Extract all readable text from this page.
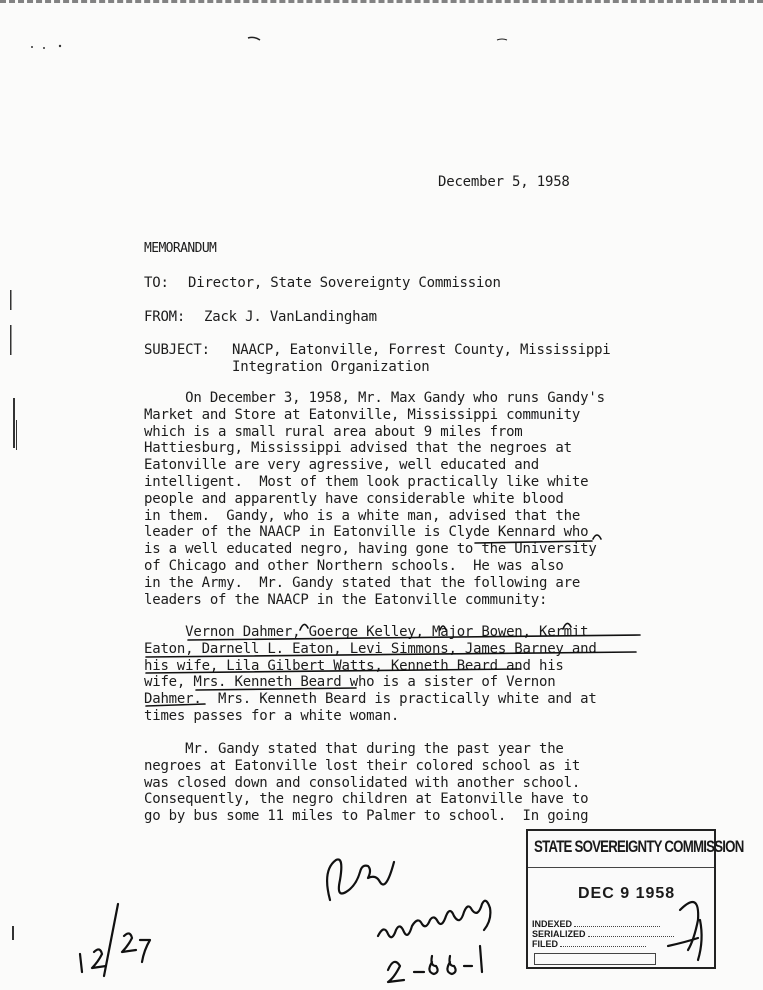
December 5, 1958
MEMORANDUM
TO: Director, State Sovereignty Commission
FROM: Zack J. VanLandingham
SUBJECT: NAACP, Eatonville, Forrest County, Mississippi
Integration Organization
On December 3, 1958, Mr. Max Gandy who runs Gandy's
Market and Store at Eatonville, Mississippi community
which is a small rural area about 9 miles from
Hattiesburg, Mississippi advised that the negroes at
Eatonville are very agressive, well educated and
intelligent.  Most of them look practically like white
people and apparently have considerable white blood
in them.  Gandy, who is a white man, advised that the
leader of the NAACP in Eatonville is Clyde Kennard who
is a well educated negro, having gone to the University
of Chicago and other Northern schools.  He was also
in the Army.  Mr. Gandy stated that the following are
leaders of the NAACP in the Eatonville community:
Vernon Dahmer, Goerge Kelley, Major Bowen, Kermit
Eaton, Darnell L. Eaton, Levi Simmons, James Barney and
his wife, Lila Gilbert Watts, Kenneth Beard and his
wife, Mrs. Kenneth Beard who is a sister of Vernon
Dahmer.  Mrs. Kenneth Beard is practically white and at
times passes for a white woman.
Mr. Gandy stated that during the past year the
negroes at Eatonville lost their colored school as it
was closed down and consolidated with another school.
Consequently, the negro children at Eatonville have to
go by bus some 11 miles to Palmer to school.  In going
STATE SOVEREIGNTY COMMISSION
DEC 9 1958
INDEXED
SERIALIZED
FILED
